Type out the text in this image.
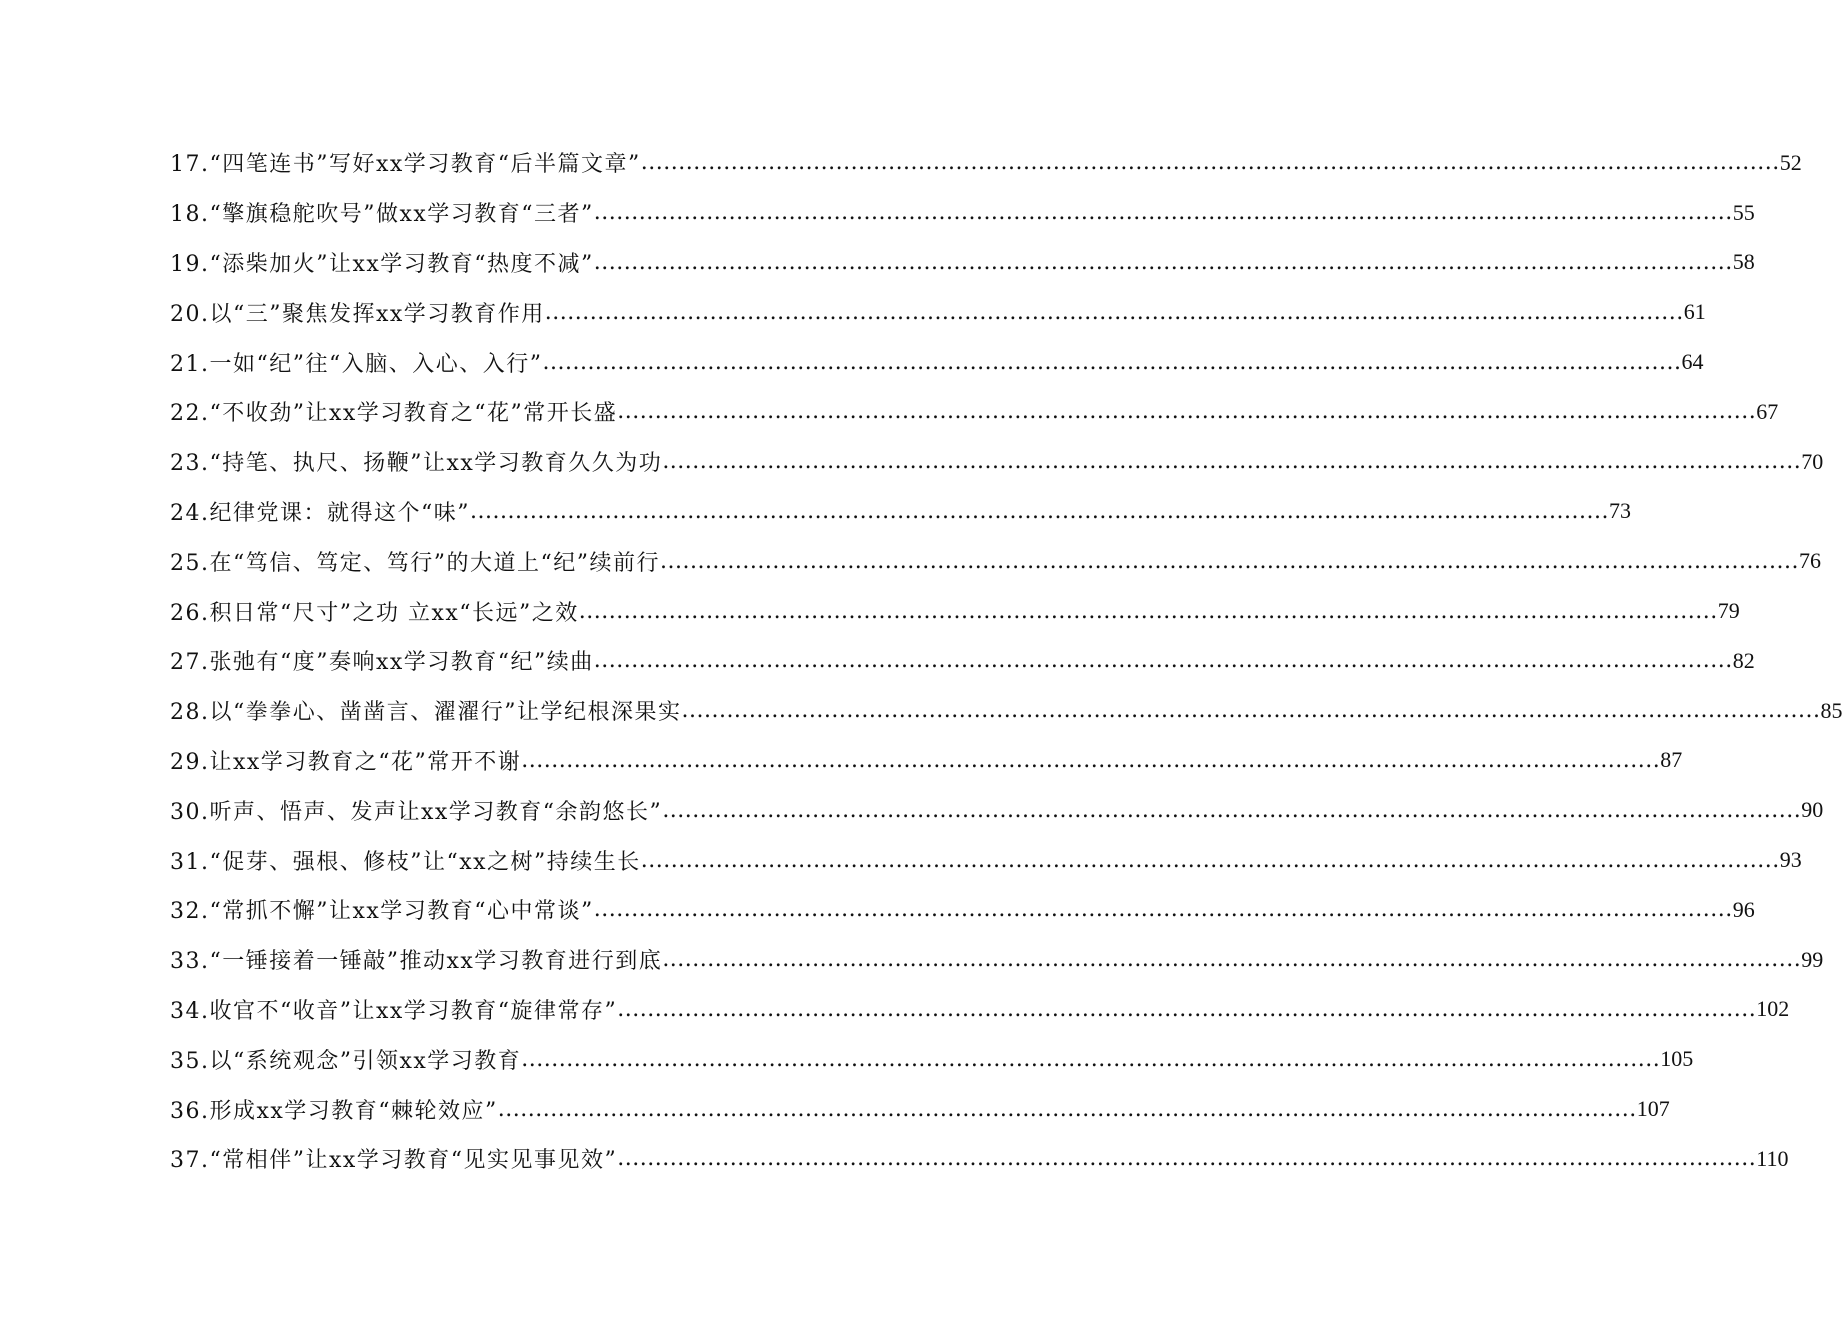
17.“四笔连书”写好xx学习教育“后半篇文章” .....	52
18.“擎旗稳舵吹号”做xx学习教育“三者” .....	55
19.“添柴加火”让xx学习教育“热度不减” .....	58
20.以“三”聚焦发挥xx学习教育作用 .....	61
21.一如“纪”往“入脑、入心、入行” .....	64
22.“不收劲”让xx学习教育之“花”常开长盛 .....	67
23.“持笔、执尺、扬鞭”让xx学习教育久久为功 .....	70
24.纪律党课：就得这个“味” .....	73
25.在“笃信、笃定、笃行”的大道上“纪”续前行 .....	76
26.积日常“尺寸”之功 立xx“长远”之效 .....	79
27.张弛有“度”奏响xx学习教育“纪”续曲 .....	82
28.以“拳拳心、凿凿言、濯濯行”让学纪根深果实 .....	85
29.让xx学习教育之“花”常开不谢 .....	87
30.听声、悟声、发声让xx学习教育“余韵悠长” .....	90
31.“促芽、强根、修枝”让“xx之树”持续生长 .....	93
32.“常抓不懈”让xx学习教育“心中常谈” .....	96
33.“一锤接着一锤敲”推动xx学习教育进行到底 .....	99
34.收官不“收音”让xx学习教育“旋律常存” .....	102
35.以“系统观念”引领xx学习教育 .....	105
36.形成xx学习教育“棘轮效应” .....	107
37.“常相伴”让xx学习教育“见实见事见效” .....	110
